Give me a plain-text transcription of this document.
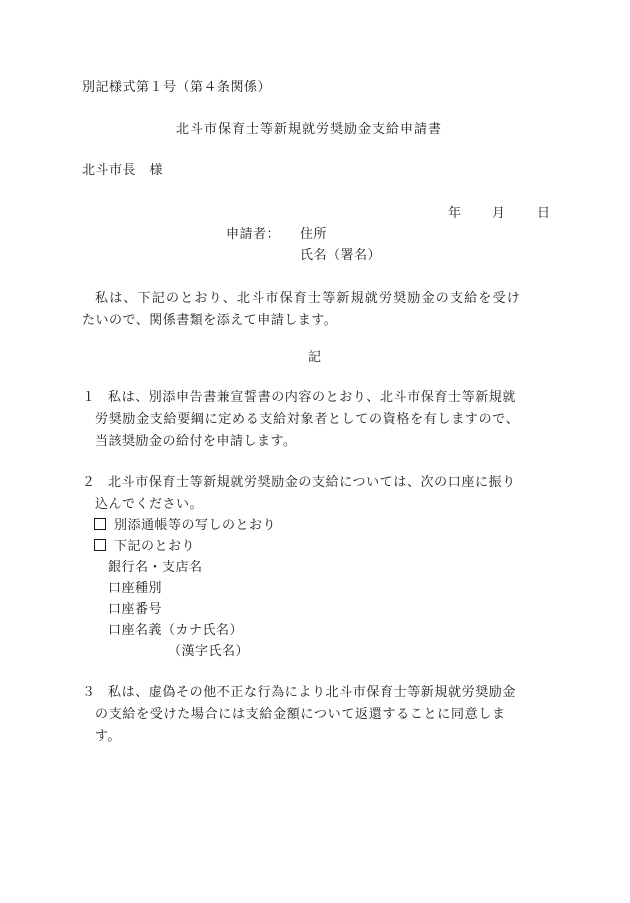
別記様式第１号（第４条関係）
北斗市保育士等新規就労奨励金支給申請書
北斗市長　様
年 月 日
申請者： 住所
氏名（署名）
私は、下記のとおり、北斗市保育士等新規就労奨励金の支給を受け
たいので、関係書類を添えて申請します。
記
１ 私は、別添申告書兼宣誓書の内容のとおり、北斗市保育士等新規就
労奨励金支給要綱に定める支給対象者としての資格を有しますので、
当該奨励金の給付を申請します。
２ 北斗市保育士等新規就労奨励金の支給については、次の口座に振り
込んでください。
別添通帳等の写しのとおり
下記のとおり
銀行名・支店名
口座種別
口座番号
口座名義（カナ氏名）
（漢字氏名）
３ 私は、虚偽その他不正な行為により北斗市保育士等新規就労奨励金
の支給を受けた場合には支給金額について返還することに同意しま
す。
